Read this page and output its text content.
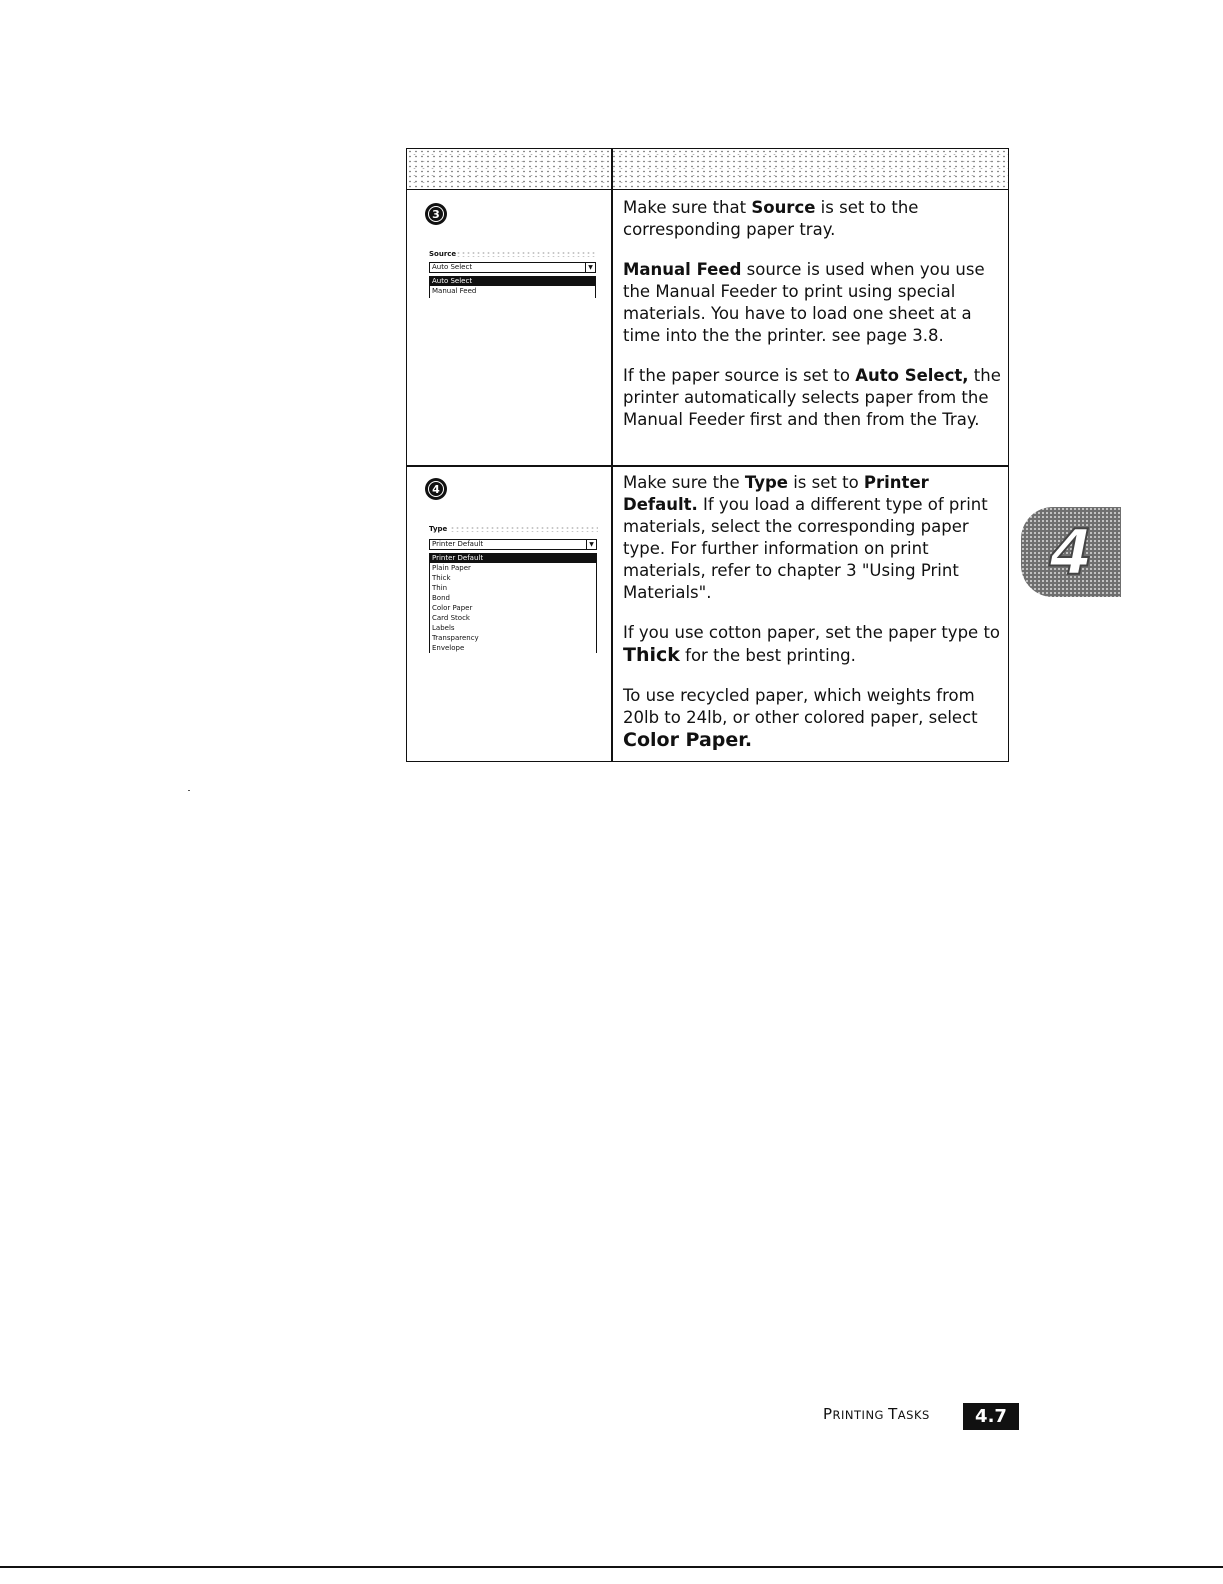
3
Source
Auto Select	▼
Auto Select
Manual Feed

Make sure that Source is set to the corresponding paper tray.

Manual Feed source is used when you use the Manual Feeder to print using special materials. You have to load one sheet at a time into the the printer. see page 3.8.

If the paper source is set to Auto Select, the printer automatically selects paper from the Manual Feeder first and then from the Tray.

4
Type
Printer Default	▼
Printer Default
Plain Paper
Thick
Thin
Bond
Color Paper
Card Stock
Labels
Transparency
Envelope

Make sure the Type is set to Printer Default. If you load a different type of print materials, select the corresponding paper type. For further information on print materials, refer to chapter 3 "Using Print Materials".

If you use cotton paper, set the paper type to Thick for the best printing.

To use recycled paper, which weights from 20lb to 24lb, or other colored paper, select Color Paper.

4
PRINTING TASKS	4.7
